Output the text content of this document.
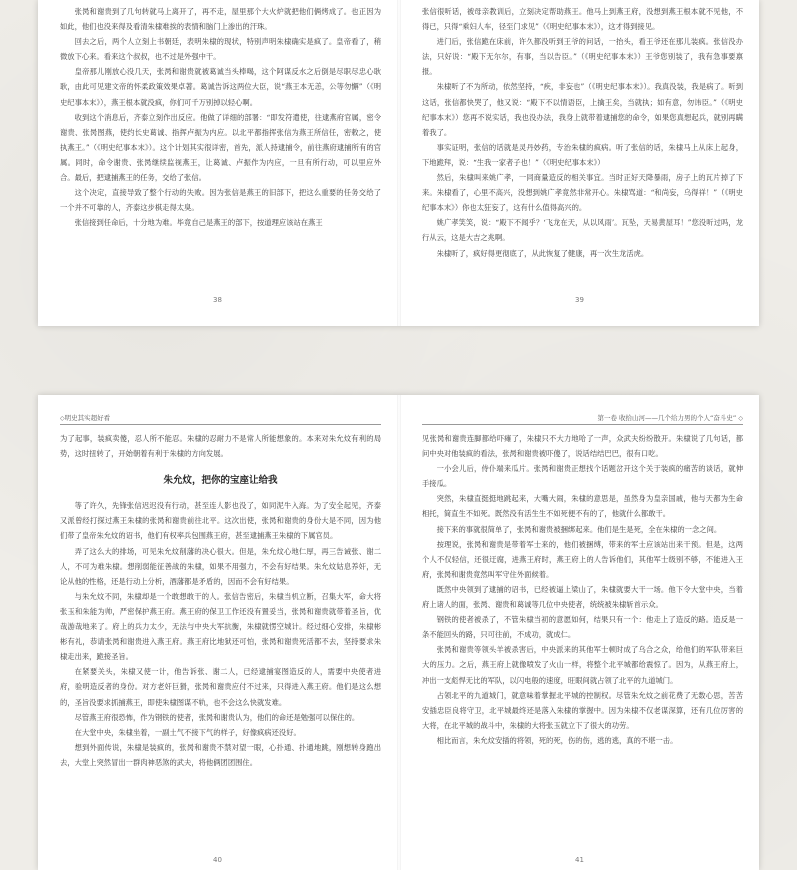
张昺和谢贵到了几句转就马上离开了，再不走，屋里那个大火炉就把他们俩烤成了。也正因为如此，他们也没来得及看清朱棣难挨的表情和脑门上渗出的汗珠。

回去之后，两个人立刻上书朝廷，表明朱棣的现状，特别声明朱棣确实是疯了。皇帝看了，稍微放下心来。看来这个叔叔，也不过是外强中干。

皇帝那儿刚放心没几天，张昺和谢贵就被葛诚当头棒喝，这个阿谋反水之后倒是尽职尽忠心耿耿，由此可见建文帝的怀柔政策效果卓著。葛诚告诉这两位大臣，说“燕王本无恙，公等勿懈”（《明史纪事本末》），燕王根本就没疯，你们可千万别掉以轻心啊。

收到这个消息后，齐泰立刻作出反应。他做了详细的部署：“即发符遣使，往逮燕府官属，密令谢贵、张昺图燕，使约长史葛诚、指挥卢振为内应。以北平都指挥张信为燕王所信任，密敕之，使执燕王。”（《明史纪事本末》）。这个计划其实很详密，首先，派人持逮捕令，前往燕府逮捕所有的官属。同时，命令谢贵、张昺继续监视燕王，让葛诚、卢振作为内应，一旦有所行动，可以里应外合。最后，把逮捕燕王的任务，交给了张信。

这个决定，直接导致了整个行动的失败。因为张信是燕王的旧部下，把这么重要的任务交给了一个并不可靠的人，齐泰这步棋走得太臭。

张信接到任命后，十分地为难。毕竟自己是燕王的部下，按道理应该站在燕王

38

张信很听话，被母亲教训后，立刻决定帮助燕王。他马上到燕王府，没想到燕王根本就不见他，不得已，只得“乘妇人车，径至门求见”（《明史纪事本末》），这才得到接见。

进门后，张信跪在床前，许久都没听到王爷的问话，一抬头，看王爷还在那儿装疯。张信没办法，只好说：“殿下无尔尔，有事，当以告臣。”（《明史纪事本末》）王爷您别装了，我有急事要禀报。

朱棣听了不为所动，依然坚持，“疾，非妄也”（《明史纪事本末》）。我真没装，我是病了。听到这话，张信都快哭了，他又说：“殿下不以情语臣，上擒王矣，当就执；如有意，勿讳臣。”（《明史纪事本末》）您再不说实话，我也没办法，我身上就带着逮捕您的命令，如果您真想起兵，就别再瞒着我了。

事实证明，张信的话就是灵丹妙药，专治朱棣的疯病。听了张信的话，朱棣马上从床上起身，下地跪拜，说：“生我一家者子也！”（《明史纪事本末》）

然后，朱棣叫来姚广孝，一同商量造反的相关事宜。当时正好天降暴雨，房子上的瓦片掉了下来。朱棣看了，心里不高兴，没想到姚广孝竟然非常开心。朱棣骂道：“和尚妄，乌得祥！”（《明史纪事本末》）你也太狂妄了，这有什么值得高兴的。

姚广孝笑笑，说：“殿下不闻乎？‘飞龙在天，从以风雨’。瓦坠，天易黄屋耳！”您没听过吗，龙行从云，这是大吉之兆啊。

朱棣听了，疯好得更彻底了，从此恢复了健康，再一次生龙活虎。

39
◇明史其实超好看

为了起事，装疯卖傻，忍人所不能忍。朱棣的忍耐力不是常人所能想象的。本来对朱允炆有利的局势，这时扭转了，开始朝着有利于朱棣的方向发展。

朱允炆，把你的宝座让给我

等了许久，先锋张信迟迟没有行动，甚至连人影也没了，如同泥牛入海。为了安全起见，齐泰又派曾经打探过燕王朱棣的张昺和谢贵前往北平。这次出使，张昺和谢贵的身份大是不同，因为他们带了皇帝朱允炆的诏书，他们有权率兵包围燕王府，甚至逮捕燕王朱棣的下属官员。

弄了这么大的排场，可见朱允炆削藩的决心很大。但是，朱允炆心地仁厚，再三告诫张、谢二人，不可为难朱棣。想削弱能征善战的朱棣，如果不用强力，不会有好结果。朱允炆姑息养奸，无论从他的性格，还是行动上分析，酒藩都是矛盾的，因而不会有好结果。

与朱允炆不同，朱棣却是一个敢想敢干的人。张信告密后，朱棣当机立断，召集大军，命大将张玉和朱能为帅，严密保护燕王府。燕王府的保卫工作还没有置妥当，张昺和谢贵就带着圣旨，优哉游哉地来了。府上的兵力太少，无法与中央大军抗衡，朱棣就愣空城计。经过细心安排，朱棣彬彬有礼，恭请张昺和谢贵进入燕王府。燕王府比地狱还可怕，张昺和谢贵死活都不去，坚持要求朱棣走出来，跪接圣旨。

在紧要关头，朱棣又使一计，他告诉张、谢二人，已经逮捕宴图造反的人，需要中央使者进府，验明造反者的身份。对方老奸巨猾，张昺和谢贵应付不过来，只得进入燕王府。他们是这么想的，圣旨没要求抓捕燕王，即使朱棣图谋不轨，也不会这么快就发难。

尽管燕王府很恐怖，作为钢铁的使者，张昺和谢贵认为，他们的命还是勉强可以保住的。

在大堂中央，朱棣坐着，一副土气不接下气的样子，好像疯病还没好。

想到外面传说，朱棣是装疯的，张昺和谢贵不禁对望一眼，心扑通、扑通地跳，刚想转身跑出去，大堂上突然冒出一群肉神恶煞的武夫，将他俩团团围住。

40
第一卷 收拾山河——几个给力男的个人“奋斗史” ◇

见张昺和谢贵连脚都给吓瘫了，朱棣只不大力地哈了一声，众武夫纷纷散开。朱棣说了几句话，都问中央对他装疯的看法，张昺和谢贵被吓傻了，说话结结巴巴，很有口吃。

一小会儿后，侍仆端来瓜片。张昺和谢贵正想找个话题岔开这个关于装疯的痛苦的谈话，就伸手接瓜。

突然，朱棣直挺挺地跳起来，大嘴大闹，朱棣的意思是，虽然身为皇亲国戚，他与天都为生命相托，简直生不如死。既然没有活生生不如死便不有的了，他就什么都敢干。

接下来的事就很简单了，张昺和谢贵被捆绑起来。他们是生是死，全在朱棣的一念之间。

按理说，张昺和谢贵是带着军士来的，他们被捆缚，带来的军士应该站出来干预。但是，这两个人不仅轻信，还很迂腐，进燕王府时，燕王府上的人告诉他们，其他军士级别不够，不能进入王府，张昺和谢贵竟然叫军守住外面候着。

既然中央领到了逮捕的诏书，已经被逼上梁山了，朱棣就要大干一场。他下令大堂中央，当着府上诸人的面，张昺、谢贵和葛诚等几位中央使者，统统被朱棣斩首示众。

钢铁的使者被杀了，不管朱棣当初的意愿如何，结果只有一个：他走上了造反的路。造反是一条不能回头的路，只可往前，不成功，就成仁。

张昺和谢贵等领头羊被杀害后，中央派来的其他军士顿时成了乌合之众，给他们的军队带来巨大的压力。之后，燕王府上就像喷发了火山一样，将整个北平城都给震惊了。因为，从燕王府上，冲出一支彪悍无比的军队，以闪电般的速度，旺眼间就占领了北平的九道城门。

占领北平的九道城门，就意味着掌握北平城的控制权。尽管朱允炆之前花费了无数心思，苦苦安插忠臣良将守卫，北平城最终还是落入朱棣的掌握中。因为朱棣不仅老谋深算，还有几位厉害的大将，在北平城的战斗中，朱棣的大将张玉就立下了很大的功劳。

相比而言，朱允炆安插的将领，死的死，伤的伤，逃的逃，真的不堪一击。

41
